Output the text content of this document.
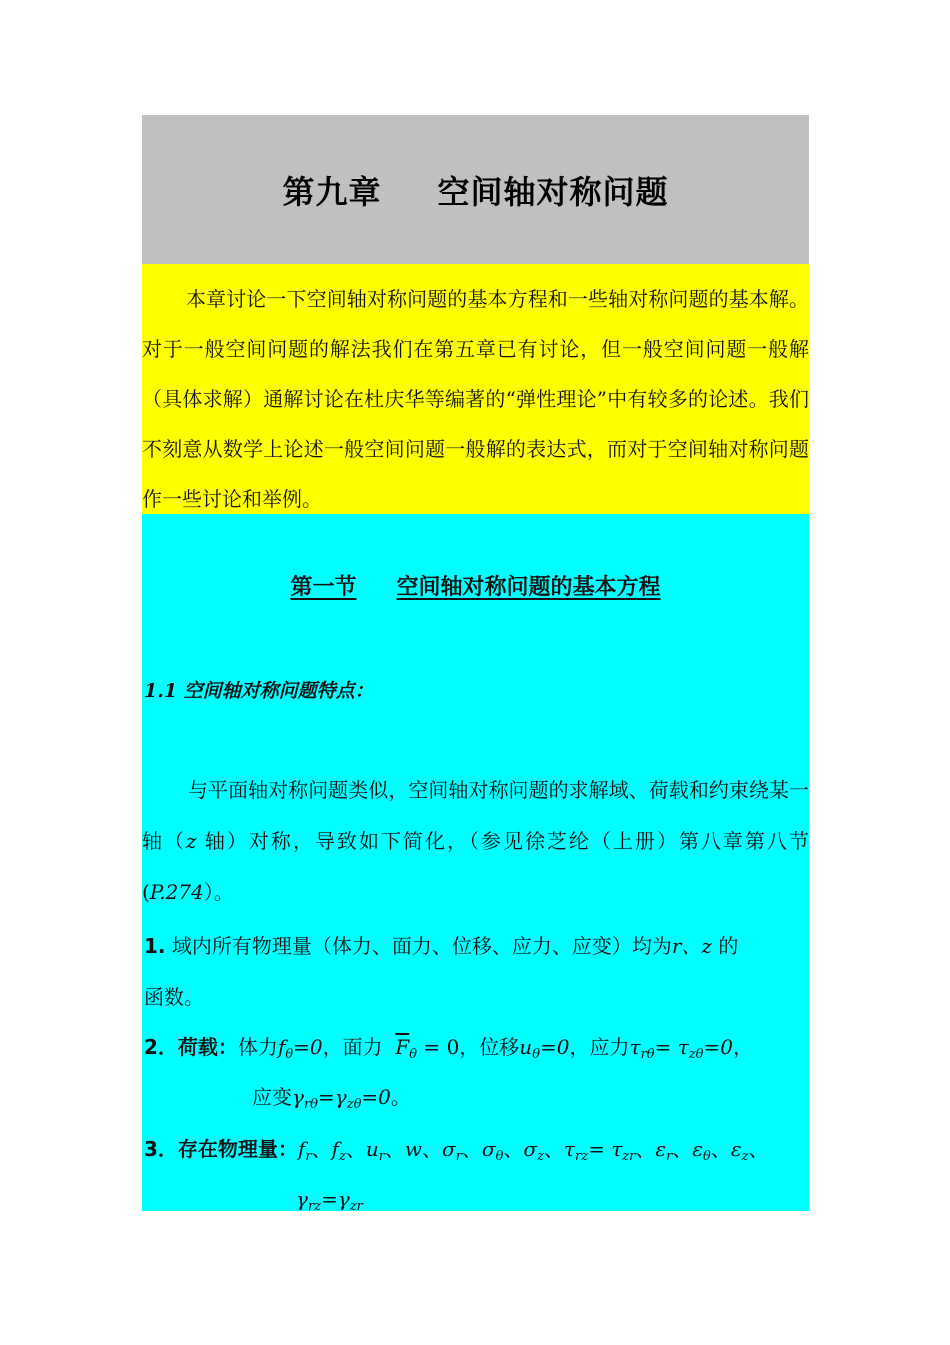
第九章 空间轴对称问题

本章讨论一下空间轴对称问题的基本方程和一些轴对称问题的基本解。对于一般空间问题的解法我们在第五章已有讨论，但一般空间问题一般解（具体求解）通解讨论在杜庆华等编著的“弹性理论”中有较多的论述。我们不刻意从数学上论述一般空间问题一般解的表达式，而对于空间轴对称问题作一些讨论和举例。

第一节 空间轴对称问题的基本方程
1.1 空间轴对称问题特点：

与平面轴对称问题类似，空间轴对称问题的求解域、荷载和约束绕某一轴（z 轴）对称，导致如下简化，（参见徐芝纶（上册）第八章第八节(P.274）。

1. 域内所有物理量（体力、面力、位移、应力、应变）均为r、z 的
函数。
2．荷载：体力$f_\theta=0$，面力 $\overline{F}_\theta = 0$，位移$u_\theta=0$，应力$\tau_{r\theta}= \tau_{z\theta}=0$，
应变$\gamma_{r\theta}=\gamma_{z\theta}=0$。
3．存在物理量：$f_r$、$f_z$、$u_r$、w、$\sigma_r$、$\sigma_\theta$、$\sigma_z$、$\tau_{rz}= \tau_{zr}$、$\varepsilon_r$、$\varepsilon_\theta$、$\varepsilon_z$、
$\gamma_{rz}=\gamma_{zr}$
